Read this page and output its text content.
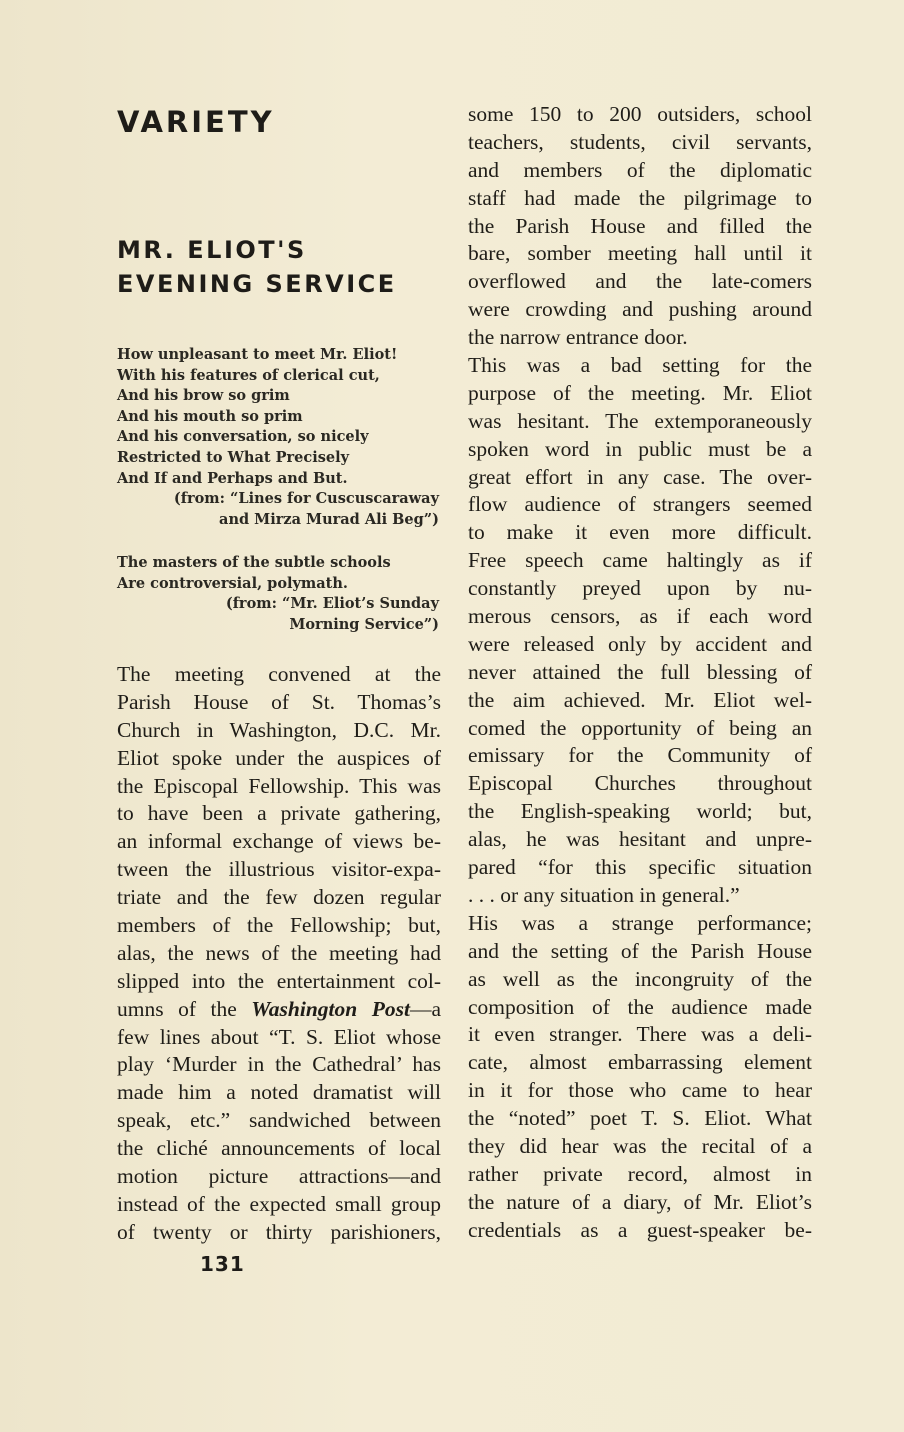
VARIETY
MR. ELIOT'S EVENING SERVICE
How unpleasant to meet Mr. Eliot!
With his features of clerical cut,
And his brow so grim
And his mouth so prim
And his conversation, so nicely
Restricted to What Precisely
And If and Perhaps and But.
(from: “Lines for Cuscuscaraway
and Mirza Murad Ali Beg”)
The masters of the subtle schools
Are controversial, polymath.
(from: “Mr. Eliot’s Sunday
Morning Service”)
The meeting convened at the
Parish House of St. Thomas’s
Church in Washington, D.C. Mr.
Eliot spoke under the auspices of
the Episcopal Fellowship. This was
to have been a private gathering,
an informal exchange of views be-
tween the illustrious visitor-expa-
triate and the few dozen regular
members of the Fellowship; but,
alas, the news of the meeting had
slipped into the entertainment col-
umns of the Washington Post—a
few lines about “T. S. Eliot whose
play ‘Murder in the Cathedral’ has
made him a noted dramatist will
speak, etc.” sandwiched between
the cliché announcements of local
motion picture attractions—and
instead of the expected small group
of twenty or thirty parishioners,
some 150 to 200 outsiders, school
teachers, students, civil servants,
and members of the diplomatic
staff had made the pilgrimage to
the Parish House and filled the
bare, somber meeting hall until it
overflowed and the late-comers
were crowding and pushing around
the narrow entrance door.
This was a bad setting for the
purpose of the meeting. Mr. Eliot
was hesitant. The extemporaneously
spoken word in public must be a
great effort in any case. The over-
flow audience of strangers seemed
to make it even more difficult.
Free speech came haltingly as if
constantly preyed upon by nu-
merous censors, as if each word
were released only by accident and
never attained the full blessing of
the aim achieved. Mr. Eliot wel-
comed the opportunity of being an
emissary for the Community of
Episcopal Churches throughout
the English-speaking world; but,
alas, he was hesitant and unpre-
pared “for this specific situation
. . . or any situation in general.”
His was a strange performance;
and the setting of the Parish House
as well as the incongruity of the
composition of the audience made
it even stranger. There was a deli-
cate, almost embarrassing element
in it for those who came to hear
the “noted” poet T. S. Eliot. What
they did hear was the recital of a
rather private record, almost in
the nature of a diary, of Mr. Eliot’s
credentials as a guest-speaker be-
131
